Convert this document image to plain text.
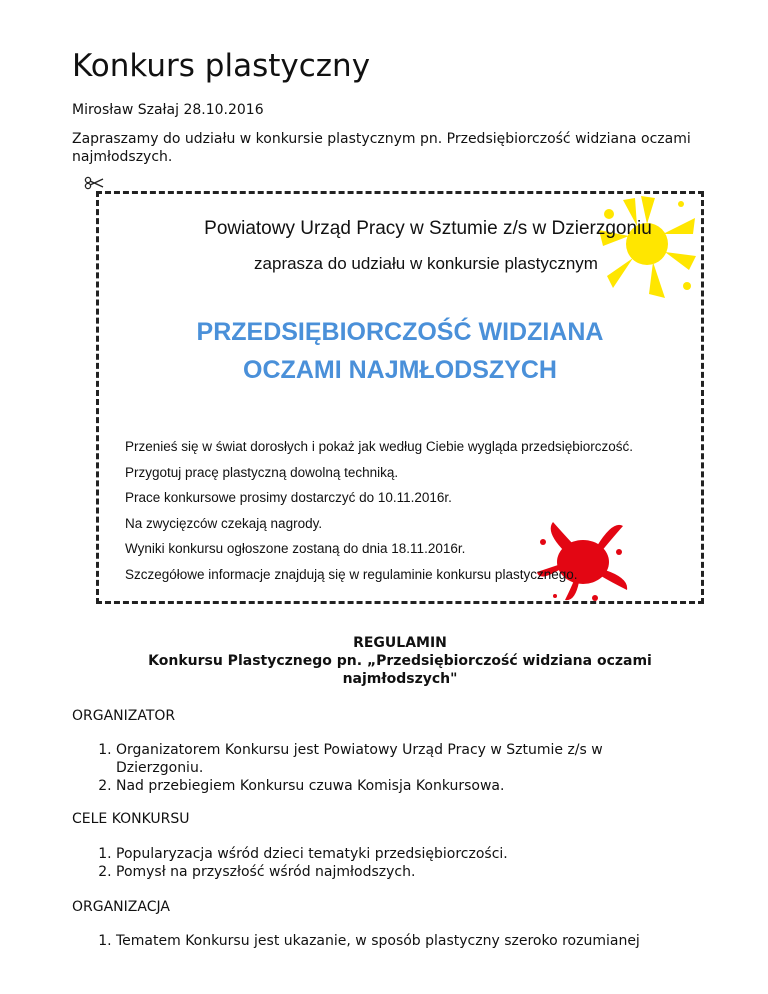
Konkurs plastyczny
Mirosław Szałaj 28.10.2016
Zapraszamy do udziału w konkursie plastycznym pn. Przedsiębiorczość widziana oczami najmłodszych.
Powiatowy Urząd Pracy w Sztumie z/s w Dzierzgoniu
zaprasza do udziału w konkursie plastycznym
PRZEDSIĘBIORCZOŚĆ WIDZIANA
OCZAMI NAJMŁODSZYCH
Przenieś się w świat dorosłych i pokaż jak według Ciebie wygląda przedsiębiorczość.
Przygotuj pracę plastyczną dowolną techniką.
Prace konkursowe prosimy dostarczyć do 10.11.2016r.
Na zwycięzców czekają nagrody.
Wyniki konkursu ogłoszone zostaną do dnia 18.11.2016r.
Szczegółowe informacje znajdują się w regulaminie konkursu plastycznego.
REGULAMIN
Konkursu Plastycznego pn. „Przedsiębiorczość widziana oczami najmłodszych"
ORGANIZATOR
1. Organizatorem Konkursu jest Powiatowy Urząd Pracy w Sztumie z/s w Dzierzgoniu.
2. Nad przebiegiem Konkursu czuwa Komisja Konkursowa.
CELE KONKURSU
1. Popularyzacja wśród dzieci tematyki przedsiębiorczości.
2. Pomysł na przyszłość wśród najmłodszych.
ORGANIZACJA
1. Tematem Konkursu jest ukazanie, w sposób plastyczny szeroko rozumianej
